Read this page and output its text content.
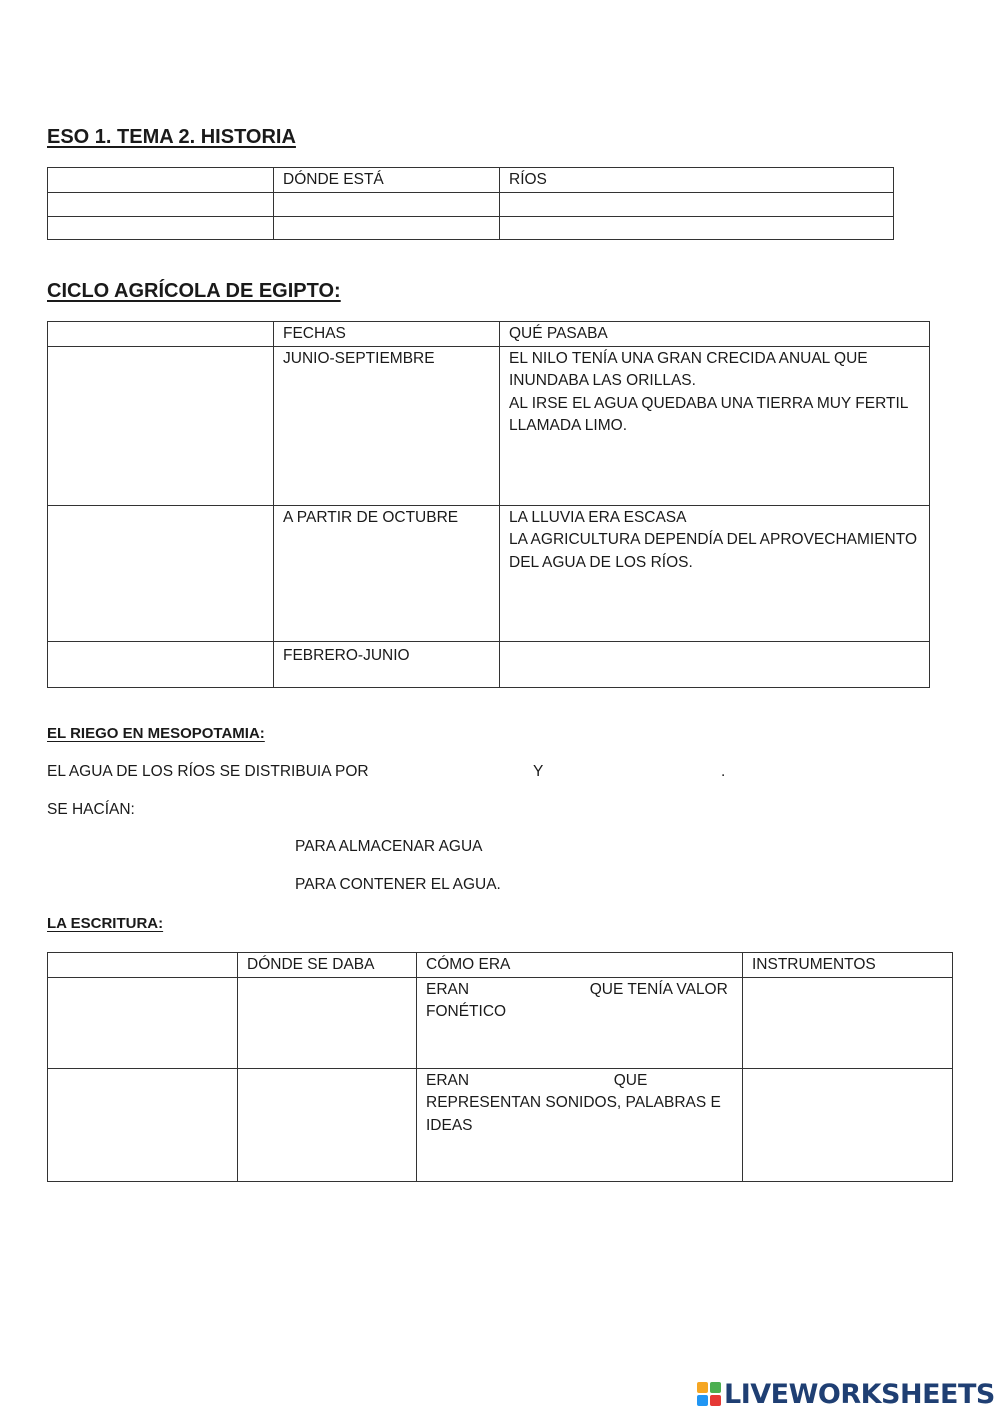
ESO 1. TEMA 2. HISTORIA
	DÓNDE ESTÁ	RÍOS

CICLO AGRÍCOLA DE EGIPTO:
	FECHAS	QUÉ PASABA
	JUNIO-SEPTIEMBRE	EL NILO TENÍA UNA GRAN CRECIDA ANUAL QUE
INUNDABA LAS ORILLAS.
AL IRSE EL AGUA QUEDABA UNA TIERRA MUY FERTIL
LLAMADA LIMO.

	A PARTIR DE OCTUBRE	LA LLUVIA ERA ESCASA
LA AGRICULTURA DEPENDÍA DEL APROVECHAMIENTO
DEL AGUA DE LOS RÍOS.

	FEBRERO-JUNIO	
EL RIEGO EN MESOPOTAMIA:
EL AGUA DE LOS RÍOS SE DISTRIBUIA POR	Y	.
SE HACÍAN:
PARA ALMACENAR AGUA
PARA CONTENER EL AGUA.
LA ESCRITURA:
	DÓNDE SE DABA	CÓMO ERA	INSTRUMENTOS

		ERAN QUE TENÍA VALOR
FONÉTICO	

		ERAN QUE
REPRESENTAN SONIDOS, PALABRAS E
IDEAS	

LIVEWORKSHEETS
